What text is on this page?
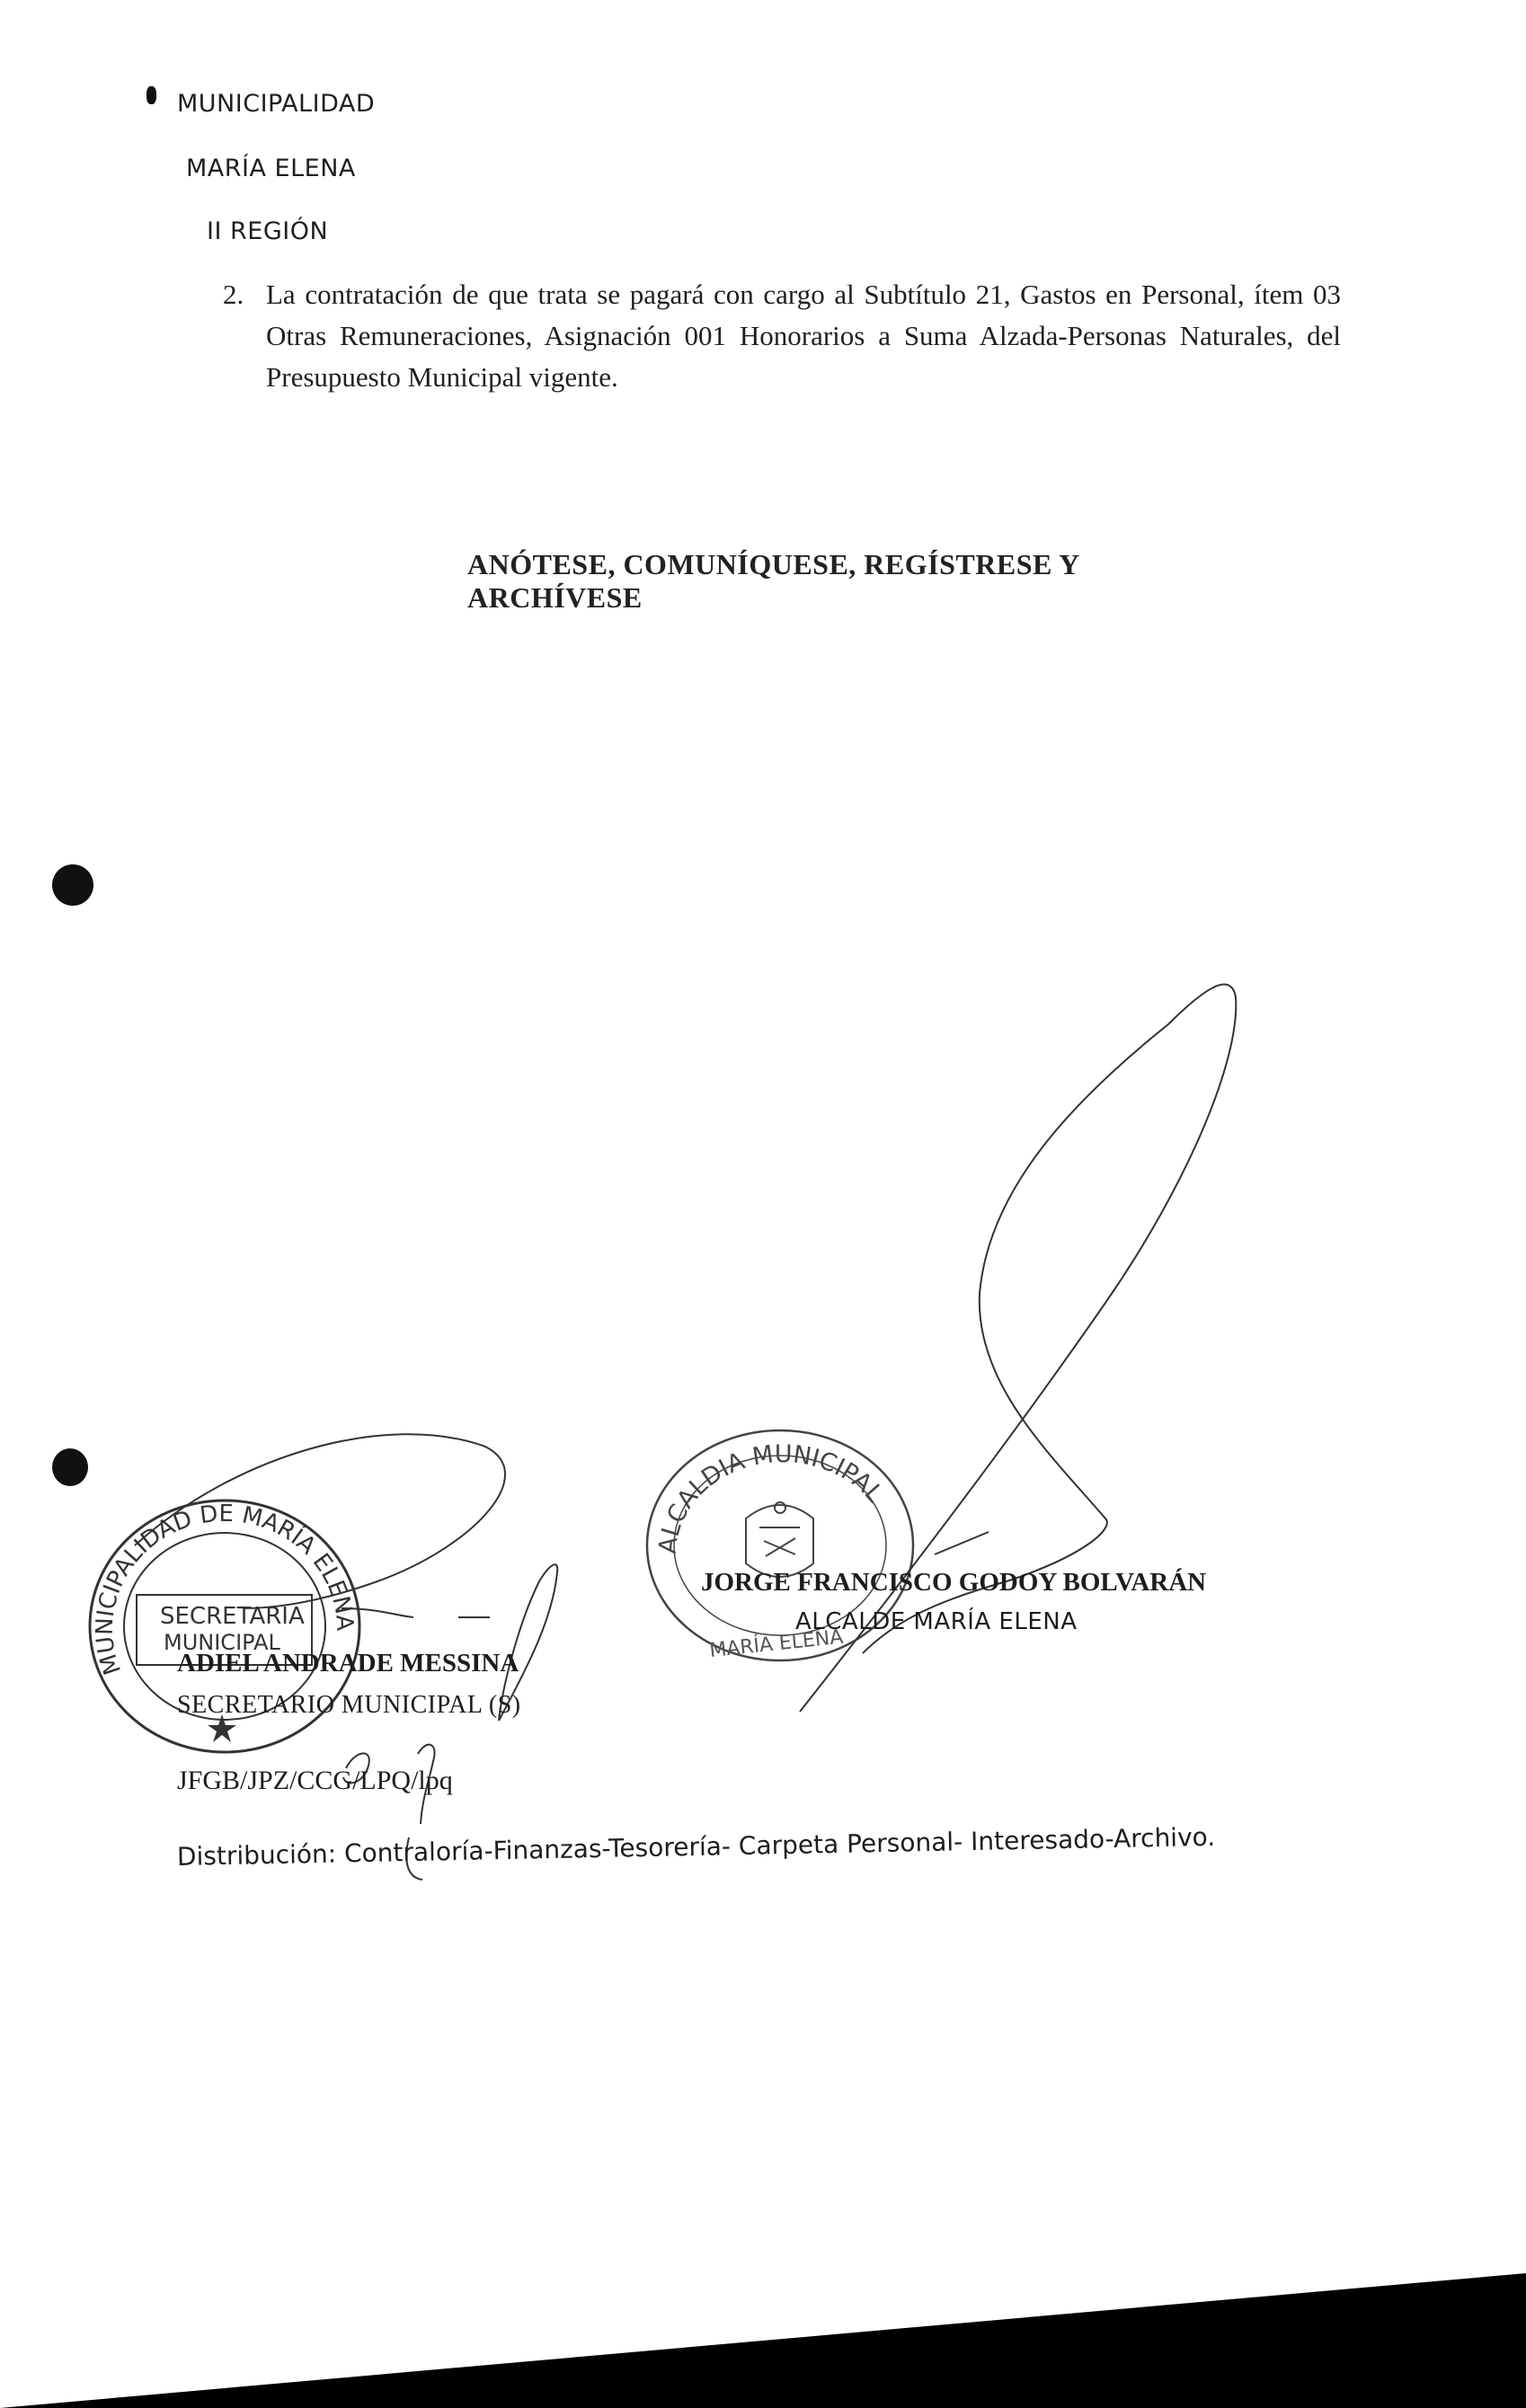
MUNICIPALIDAD
MARÍA ELENA
II REGIÓN
2. La contratación de que trata se pagará con cargo al Subtítulo 21, Gastos en Personal, ítem 03 Otras Remuneraciones, Asignación 001 Honorarios a Suma Alzada-Personas Naturales, del Presupuesto Municipal vigente.
ANÓTESE, COMUNÍQUESE, REGÍSTRESE Y ARCHÍVESE
SECRETARIA
MUNICIPAL
MUNICIPALIDAD DE MARÍA ELENA
ALCALDIA MUNICIPAL
MARÍA ELENA
ADIEL ANDRADE MESSINA
SECRETARIO MUNICIPAL (S)
JORGE FRANCISCO GODOY BOLVARÁN
ALCALDE MARÍA ELENA
JFGB/JPZ/CCG/LPQ/lpq
Distribución: Contraloría-Finanzas-Tesorería- Carpeta Personal- Interesado-Archivo.
